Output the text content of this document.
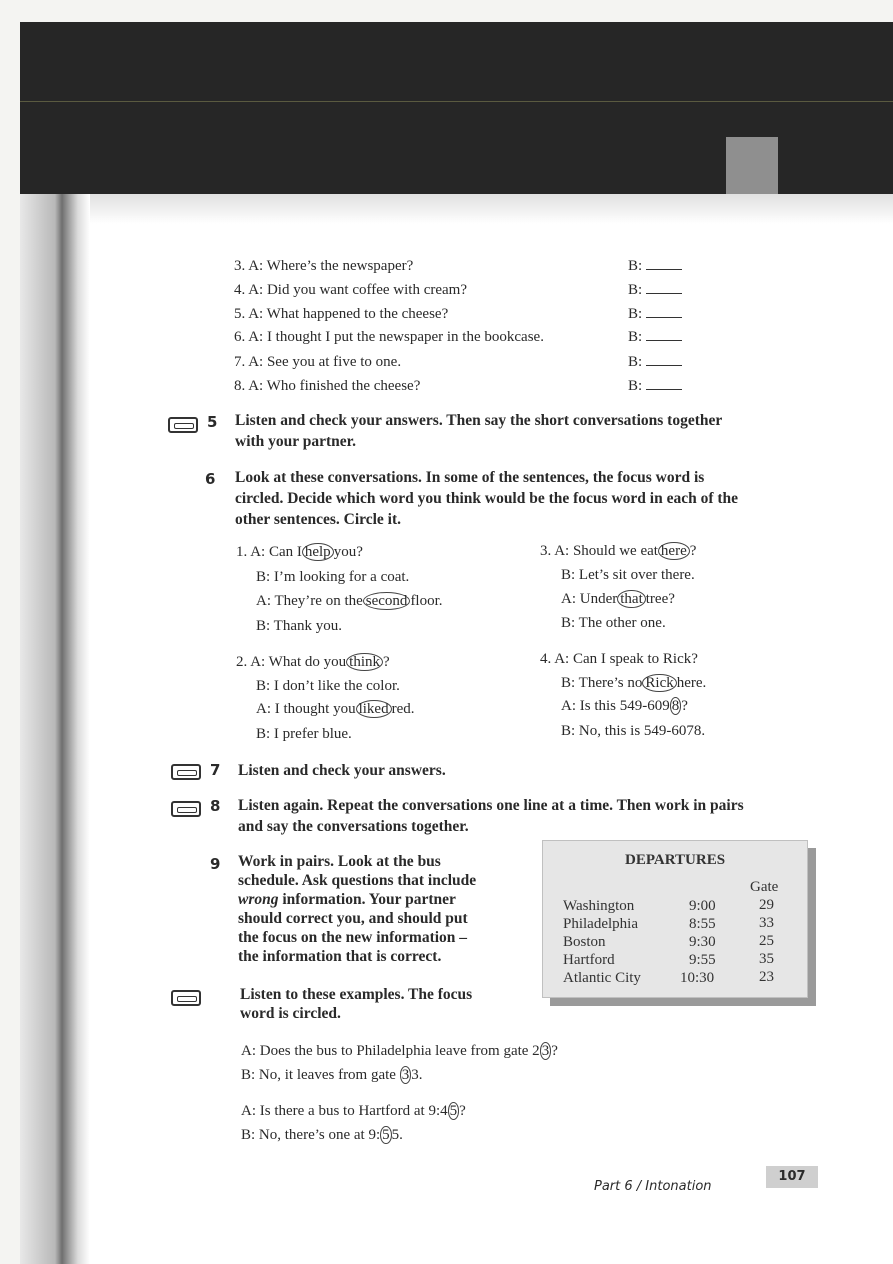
3. A: Where’s the newspaper?	B:
4. A: Did you want coffee with cream?	B:
5. A: What happened to the cheese?	B:
6. A: I thought I put the newspaper in the bookcase.	B:
7. A: See you at five to one.	B:
8. A: Who finished the cheese?	B:
5 Listen and check your answers. Then say the short conversations together
with your partner.
6 Look at these conversations. In some of the sentences, the focus word is
circled. Decide which word you think would be the focus word in each of the
other sentences. Circle it.
1. A: Can I help you?
B: I’m looking for a coat.
A: They’re on the second floor.
B: Thank you.
2. A: What do you think ?
B: I don’t like the color.
A: I thought you liked red.
B: I prefer blue.
3. A: Should we eat here ?
B: Let’s sit over there.
A: Under that tree?
B: The other one.
4. A: Can I speak to Rick?
B: There’s no Rick here.
A: Is this 549-609 8 ?
B: No, this is 549-6078.
7 Listen and check your answers.
8 Listen again. Repeat the conversations one line at a time. Then work in pairs
and say the conversations together.
9 Work in pairs. Look at the bus
schedule. Ask questions that include
wrong information. Your partner
should correct you, and should put
the focus on the new information –
the information that is correct.
Listen to these examples. The focus
word is circled.
DEPARTURES
Gate
Washington	9:00	29
Philadelphia	8:55	33
Boston	9:30	25
Hartford	9:55	35
Atlantic City	10:30	23
A: Does the bus to Philadelphia leave from gate 2 3 ?
B: No, it leaves from gate 3 3.
A: Is there a bus to Hartford at 9:4 5 ?
B: No, there’s one at 9: 5 5.
Part 6 / Intonation
107
